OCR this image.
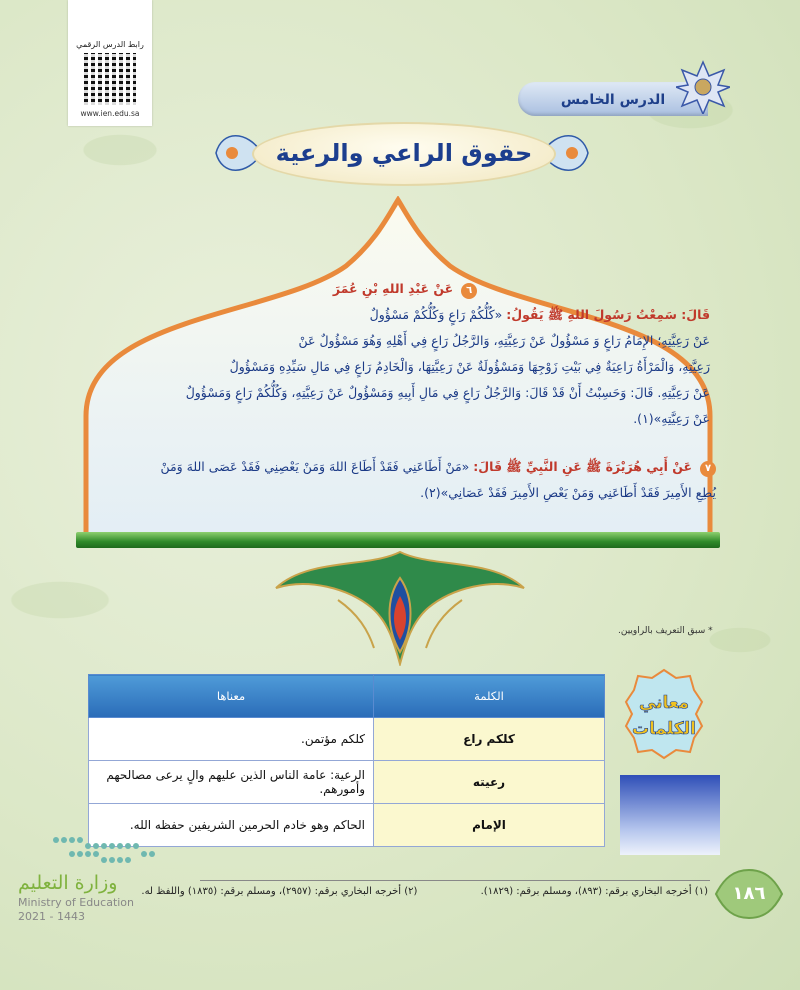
رابط الدرس الرقمي
www.ien.edu.sa
الدرس الخامس
حقوق الراعي والرعية

٦ عَنْ عَبْدِ اللهِ بْنِ عُمَرَ

قَالَ: سَمِعْتُ رَسُولَ اللهِ ﷺ يَقُولُ: «كُلُّكُمْ رَاعٍ وَكُلُّكُمْ مَسْؤُولٌ

عَنْ رَعِيَّتِهِ؛ الإِمَامُ رَاعٍ وَ مَسْؤُولٌ عَنْ رَعِيَّتِهِ، وَالرَّجُلُ رَاعٍ فِي أَهْلِهِ وَهُوَ مَسْؤُولٌ عَنْ

رَعِيَّتِهِ، وَالْمَرْأَةُ رَاعِيَةٌ فِي بَيْتِ زَوْجِهَا وَمَسْؤُولَةٌ عَنْ رَعِيَّتِهَا، وَالْخَادِمُ رَاعٍ فِي مَالِ سَيِّدِهِ وَمَسْؤُولٌ

عَنْ رَعِيَّتِهِ. قَالَ: وَحَسِبْتُ أَنْ قَدْ قَالَ: وَالرَّجُلُ رَاعٍ فِي مَالِ أَبِيهِ وَمَسْؤُولٌ عَنْ رَعِيَّتِهِ، وَكُلُّكُمْ رَاعٍ وَمَسْؤُولٌ

عَنْ رَعِيَّتِهِ»(١).

٧ عَنْ أَبِي هُرَيْرَةَ ﷺ عَنِ النَّبِيِّ ﷺ قَالَ: «مَنْ أَطَاعَنِي فَقَدْ أَطَاعَ اللهَ وَمَنْ يَعْصِنِي فَقَدْ عَصَى اللهَ وَمَنْ

يُطِعِ الأَمِيرَ فَقَدْ أَطَاعَنِي وَمَنْ يَعْصِ الأَمِيرَ فَقَدْ عَصَانِي»(٢).

* سبق التعريف بالراويين.
معاني
الكلمات
الكلمة	معناها
كلكم راع	كلكم مؤتمن.
رعيته	الرعية: عامة الناس الذين عليهم والٍ يرعى مصالحهم وأمورهم.
الإمام	الحاكم وهو خادم الحرمين الشريفين حفظه الله.
(١) أخرجه البخاري برقم: (٨٩٣)، ومسلم برقم: (١٨٢٩). (٢) أخرجه البخاري برقم: (٢٩٥٧)، ومسلم برقم: (١٨٣٥) واللفظ له.	١٨٦
وزارة التعليم
Ministry of Education
2021 - 1443
